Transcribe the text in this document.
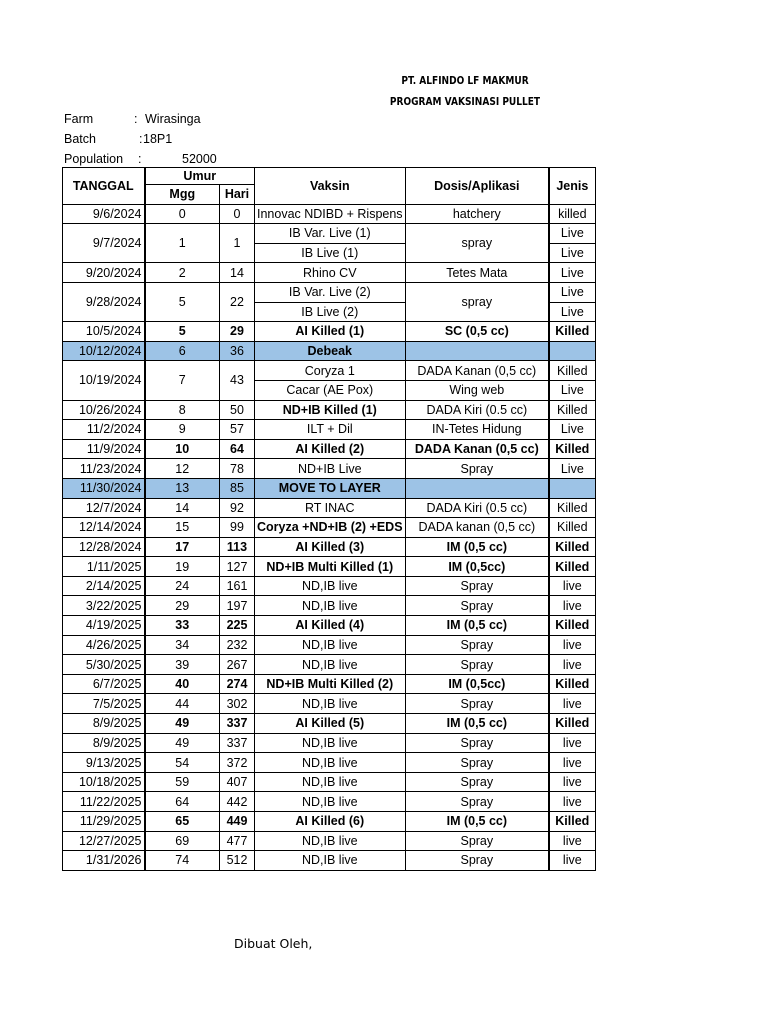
PT. ALFINDO LF MAKMUR
PROGRAM VAKSINASI PULLET
Farm	: Wirasinga
Batch	: 18P1
Population :	52000
TANGGAL	Umur		Vaksin	Dosis/Aplikasi	Jenis
	Mgg	Hari			
9/6/2024	0	0	Innovac NDIBD + Rispens	hatchery	killed
9/7/2024	1	1	IB Var. Live (1)	spray	Live
			IB Live (1)		Live
9/20/2024	2	14	Rhino CV	Tetes Mata	Live
9/28/2024	5	22	IB Var. Live (2)	spray	Live
			IB Live (2)		Live
10/5/2024	5	29	AI Killed (1)	SC (0,5 cc)	Killed
10/12/2024	6	36	Debeak		
10/19/2024	7	43	Coryza 1	DADA Kanan (0,5 cc)	Killed
			Cacar (AE Pox)	Wing web	Live
10/26/2024	8	50	ND+IB Killed (1)	DADA Kiri (0.5 cc)	Killed
11/2/2024	9	57	ILT + Dil	IN-Tetes Hidung	Live
11/9/2024	10	64	AI Killed (2)	DADA Kanan (0,5 cc)	Killed
11/23/2024	12	78	ND+IB Live	Spray	Live
11/30/2024	13	85	MOVE TO LAYER		
12/7/2024	14	92	RT INAC	DADA Kiri (0.5 cc)	Killed
12/14/2024	15	99	Coryza +ND+IB (2) +EDS	DADA kanan (0,5 cc)	Killed
12/28/2024	17	113	AI Killed (3)	IM (0,5 cc)	Killed
1/11/2025	19	127	ND+IB Multi Killed (1)	IM (0,5cc)	Killed
2/14/2025	24	161	ND,IB live	Spray	live
3/22/2025	29	197	ND,IB live	Spray	live
4/19/2025	33	225	AI Killed (4)	IM (0,5 cc)	Killed
4/26/2025	34	232	ND,IB live	Spray	live
5/30/2025	39	267	ND,IB live	Spray	live
6/7/2025	40	274	ND+IB Multi Killed (2)	IM (0,5cc)	Killed
7/5/2025	44	302	ND,IB live	Spray	live
8/9/2025	49	337	AI Killed (5)	IM (0,5 cc)	Killed
8/9/2025	49	337	ND,IB live	Spray	live
9/13/2025	54	372	ND,IB live	Spray	live
10/18/2025	59	407	ND,IB live	Spray	live
11/22/2025	64	442	ND,IB live	Spray	live
11/29/2025	65	449	AI Killed (6)	IM (0,5 cc)	Killed
12/27/2025	69	477	ND,IB live	Spray	live
1/31/2026	74	512	ND,IB live	Spray	live
Dibuat Oleh,
